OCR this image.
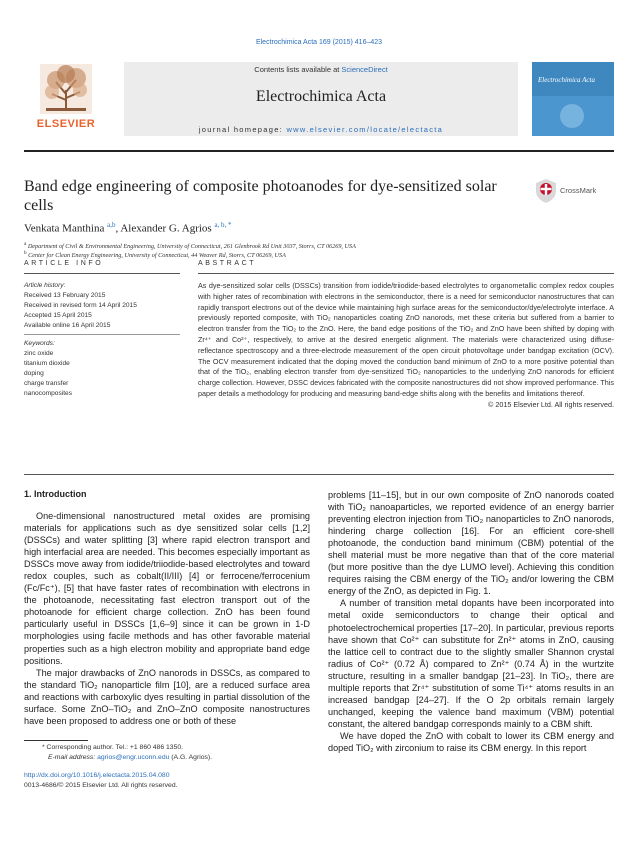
Electrochimica Acta 169 (2015) 416–423
ELSEVIER
Contents lists available at ScienceDirect
Electrochimica Acta
journal homepage: www.elsevier.com/locate/electacta
Electrochimica Acta
Band edge engineering of composite photoanodes for dye-sensitized solar cells
CrossMark
Venkata Manthina $^{a,b}$, Alexander G. Agrios $^{a, b, *}$
$^a$ Department of Civil & Environmental Engineering, University of Connecticut, 261 Glenbrook Rd Unit 3037, Storrs, CT 06269, USA
$^b$ Center for Clean Energy Engineering, University of Connecticut, 44 Weaver Rd, Storrs, CT 06269, USA
ARTICLE INFO	ABSTRACT
Article history:
Received 13 February 2015
Received in revised form 14 April 2015
Accepted 15 April 2015
Available online 16 April 2015
Keywords:
zinc oxide
titanium dioxide
doping
charge transfer
nanocomposites
As dye-sensitized solar cells (DSSCs) transition from iodide/triiodide-based electrolytes to organometallic complex redox couples with higher rates of recombination with electrons in the semiconductor, there is a need for semiconductor nanostructures that can rapidly transport electrons out of the device while maintaining high surface areas for the semiconductor/dye/electrolyte interface. A previously reported composite, with TiO₂ nanoparticles coating ZnO nanorods, met these criteria but suffered from a barrier to electron transfer from the TiO₂ to the ZnO. Here, the band edge positions of the TiO₂ and ZnO have been shifted by doping with Zr⁴⁺ and Co²⁺, respectively, to arrive at the desired energetic alignment. The materials were characterized using diffuse-reflectance spectroscopy and a three-electrode measurement of the open circuit photovoltage under bandgap excitation (OCV). The OCV measurement indicated that the doping moved the conduction band minimum of ZnO to a more positive potential than that of the TiO₂, enabling electron transfer from dye-sensitized TiO₂ nanoparticles to the underlying ZnO nanorods for efficient charge collection. However, DSSC devices fabricated with the composite nanostructures did not show improved performance. This paper details a methodology for producing and measuring band-edge shifts along with the benefits and limitations thereof.
© 2015 Elsevier Ltd. All rights reserved.
1. Introduction

One-dimensional nanostructured metal oxides are promising materials for applications such as dye sensitized solar cells [1,2] (DSSCs) and water splitting [3] where rapid electron transport and high interfacial area are needed. This becomes especially important as DSSCs move away from iodide/triiodide-based electrolytes and toward redox couples, such as cobalt(II/III) [4] or ferrocene/ferrocenium (Fc/Fc⁺), [5] that have faster rates of recombination with electrons in the photoanode, necessitating fast electron transport out of the photoanode for efficient charge collection. ZnO has been found particularly useful in DSSCs [1,6–9] since it can be grown in 1-D morphologies using facile methods and has other favorable material properties such as a high electron mobility and appropriate band edge positions.

The major drawbacks of ZnO nanorods in DSSCs, as compared to the standard TiO₂ nanoparticle film [10], are a reduced surface area and reactions with carboxylic dyes resulting in partial dissolution of the surface. Some ZnO–TiO₂ and ZnO–ZnO composite nanostructures have been proposed to address one or both of these

problems [11–15], but in our own composite of ZnO nanorods coated with TiO₂ nanoaparticles, we reported evidence of an energy barrier preventing electron injection from TiO₂ nanoparticles to ZnO nanorods, hindering charge collection [16]. For an efficient core-shell photoanode, the conduction band minimum (CBM) potential of the shell material must be more negative than that of the core material (but more positive than the dye LUMO level). Achieving this condition requires raising the CBM energy of the TiO₂ and/or lowering the CBM energy of the ZnO, as depicted in Fig. 1.

A number of transition metal dopants have been incorporated into metal oxide semiconductors to change their optical and photoelectrochemical properties [17–20]. In particular, previous reports have shown that Co²⁺ can substitute for Zn²⁺ atoms in ZnO, causing the lattice cell to contract due to the slightly smaller Shannon crystal radius of Co²⁺ (0.72 Å) compared to Zn²⁺ (0.74 Å) in the wurtzite structure, resulting in a smaller bandgap [21–23]. In TiO₂, there are multiple reports that Zr⁴⁺ substitution of some Ti⁴⁺ atoms results in an increased bandgap [24–27]. If the O 2p orbitals remain largely unchanged, keeping the valence band maximum (VBM) potential constant, the altered bandgap corresponds mainly to a CBM shift.

We have doped the ZnO with cobalt to lower its CBM energy and doped TiO₂ with zirconium to raise its CBM energy. In this report

* Corresponding author. Tel.: +1 860 486 1350.
E-mail address: agrios@engr.uconn.edu (A.G. Agrios).
http://dx.doi.org/10.1016/j.electacta.2015.04.080
0013-4686/© 2015 Elsevier Ltd. All rights reserved.
